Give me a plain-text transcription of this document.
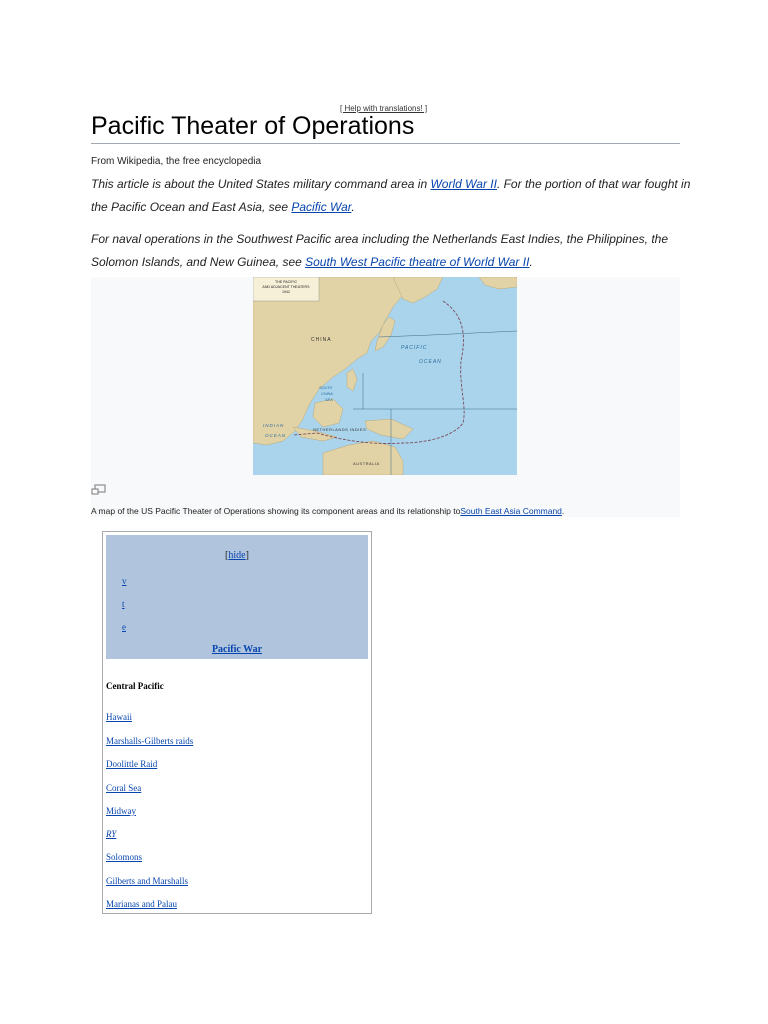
[ Help with translations! ]
Pacific Theater of Operations
From Wikipedia, the free encyclopedia

This article is about the United States military command area in World War II. For the portion of that war fought in the Pacific Ocean and East Asia, see Pacific War.

For naval operations in the Southwest Pacific area including the Netherlands East Indies, the Philippines, the Solomon Islands, and New Guinea, see South West Pacific theatre of World War II.

THE PACIFIC
AND ADJACENT THEATERS
1942
CHINA
PACIFIC
OCEAN
INDIAN
OCEAN
SOUTH
CHINA
SEA
NETHERLANDS INDIES
AUSTRALIA
A map of the US Pacific Theater of Operations showing its component areas and its relationship toSouth East Asia Command.
[hide]
v
t
e
Pacific War
Central Pacific
Hawaii
Marshalls-Gilberts raids
Doolittle Raid
Coral Sea
Midway
RY
Solomons
Gilberts and Marshalls
Marianas and Palau
